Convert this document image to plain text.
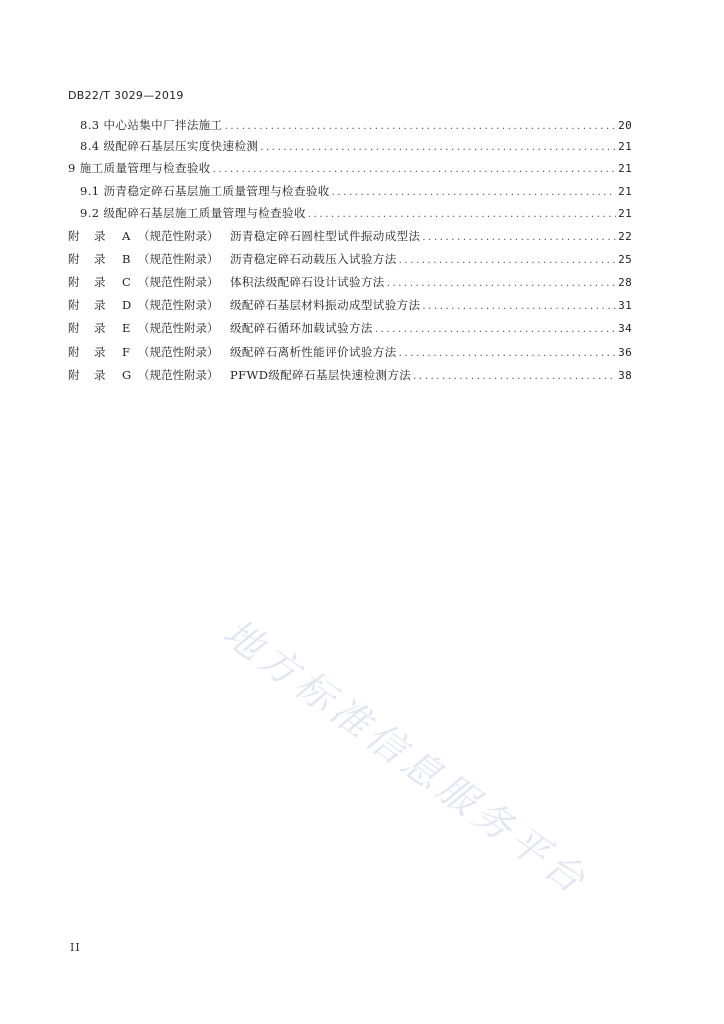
DB22/T 3029—2019
8.3 中心站集中厂拌法施工 .....	20
8.4 级配碎石基层压实度快速检测 .....	21
9 施工质量管理与检查验收 .....	21
9.1 沥青稳定碎石基层施工质量管理与检查验收 .....	21
9.2 级配碎石基层施工质量管理与检查验收 .....	21
附 录 A （规范性附录） 沥青稳定碎石圆柱型试件振动成型法 .....	22
附 录 B （规范性附录） 沥青稳定碎石动载压入试验方法 .....	25
附 录 C （规范性附录） 体积法级配碎石设计试验方法 .....	28
附 录 D （规范性附录） 级配碎石基层材料振动成型试验方法 .....	31
附 录 E （规范性附录） 级配碎石循环加载试验方法 .....	34
附 录 F （规范性附录） 级配碎石离析性能评价试验方法 .....	36
附 录 G （规范性附录） PFWD级配碎石基层快速检测方法 .....	38
地方标准信息服务平台
II
